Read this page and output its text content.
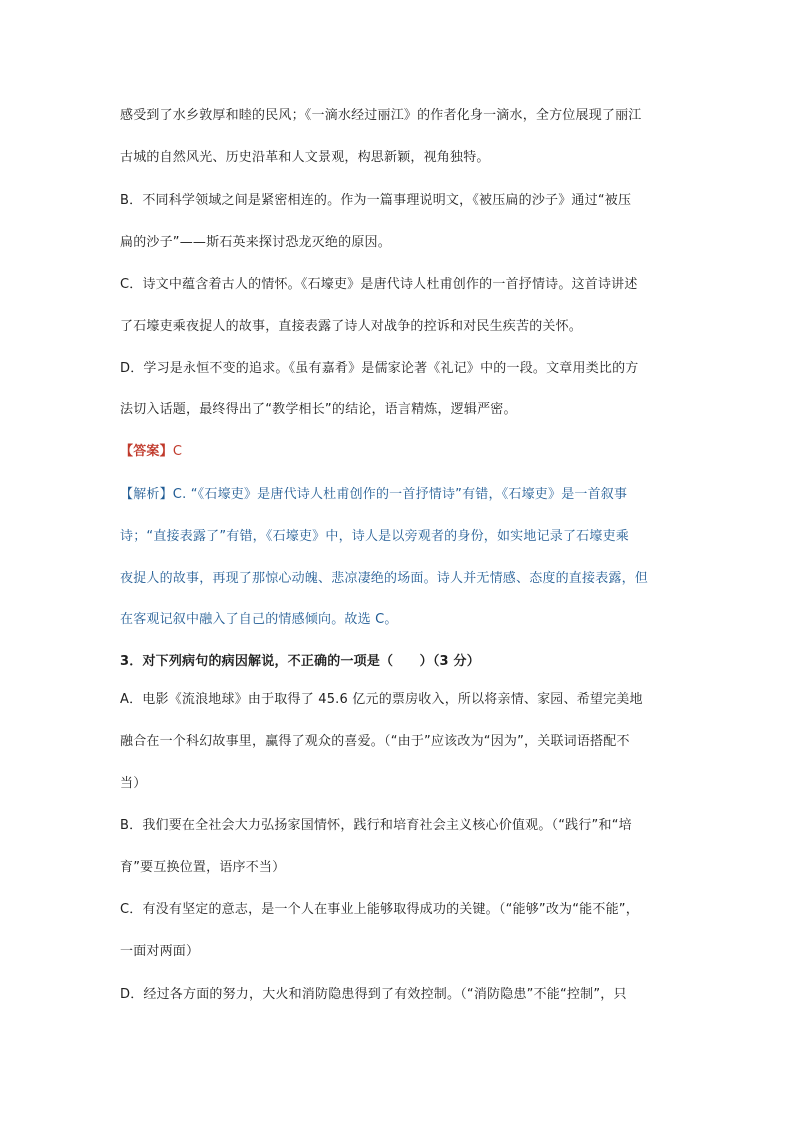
感受到了水乡敦厚和睦的民风；《一滴水经过丽江》的作者化身一滴水，全方位展现了丽江
古城的自然风光、历史沿革和人文景观，构思新颖，视角独特。
B．不同科学领域之间是紧密相连的。作为一篇事理说明文，《被压扁的沙子》通过“被压
扁的沙子”——斯石英来探讨恐龙灭绝的原因。
C．诗文中蕴含着古人的情怀。《石壕吏》是唐代诗人杜甫创作的一首抒情诗。这首诗讲述
了石壕吏乘夜捉人的故事，直接表露了诗人对战争的控诉和对民生疾苦的关怀。
D．学习是永恒不变的追求。《虽有嘉肴》是儒家论著《礼记》中的一段。文章用类比的方
法切入话题，最终得出了“教学相长”的结论，语言精炼，逻辑严密。
【答案】C
【解析】C. “《石壕吏》是唐代诗人杜甫创作的一首抒情诗”有错，《石壕吏》是一首叙事
诗；“直接表露了”有错，《石壕吏》中，诗人是以旁观者的身份，如实地记录了石壕吏乘
夜捉人的故事，再现了那惊心动魄、悲凉凄绝的场面。诗人并无情感、态度的直接表露，但
在客观记叙中融入了自己的情感倾向。故选 C。
3．对下列病句的病因解说，不正确的一项是（　　）（3 分）
A．电影《流浪地球》由于取得了 45.6 亿元的票房收入，所以将亲情、家园、希望完美地
融合在一个科幻故事里，赢得了观众的喜爱。（“由于”应该改为“因为”，关联词语搭配不
当）
B．我们要在全社会大力弘扬家国情怀，践行和培育社会主义核心价值观。（“践行”和“培
育”要互换位置，语序不当）
C．有没有坚定的意志，是一个人在事业上能够取得成功的关键。（“能够”改为“能不能”，
一面对两面）
D．经过各方面的努力，大火和消防隐患得到了有效控制。（“消防隐患”不能“控制”，只
